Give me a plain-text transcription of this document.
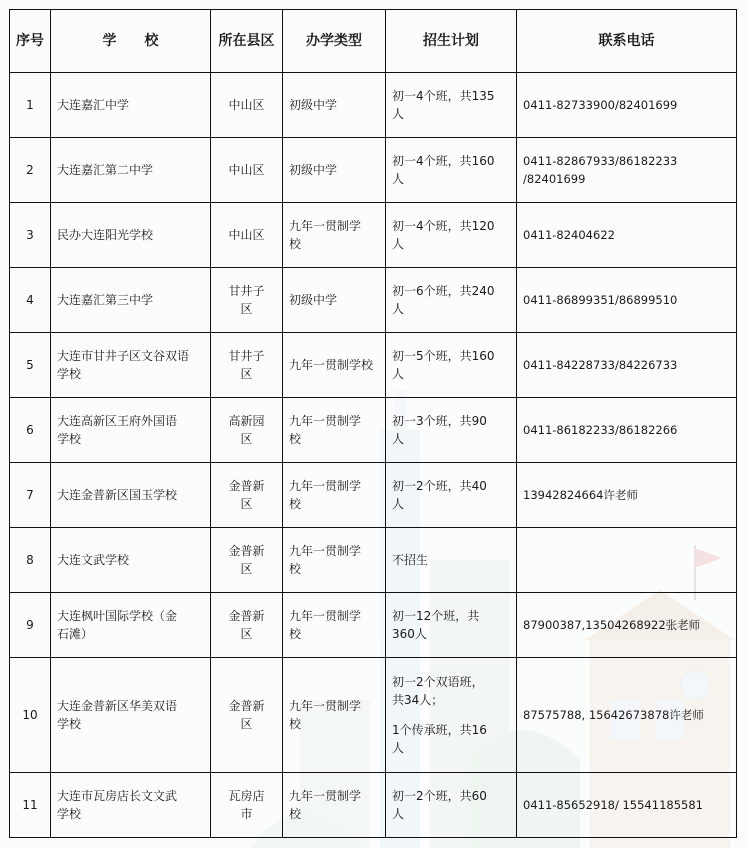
序号	学　　校	所在县区	办学类型	招生计划	联系电话
1	大连嘉汇中学	中山区	初级中学	初一4个班，共135
人	0411-82733900/82401699

2	大连嘉汇第二中学	中山区	初级中学	初一4个班，共160
人	0411-82867933/86182233
/82401699

3	民办大连阳光学校	中山区	九年一贯制学
校	初一4个班，共120
人	0411-82404622

4	大连嘉汇第三中学	甘井子
区	初级中学	初一6个班，共240
人	0411-86899351/86899510

5	大连市甘井子区文谷双语
学校	甘井子
区	九年一贯制学校	初一5个班，共160
人	0411-84228733/84226733

6	大连高新区王府外国语
学校	高新园
区	九年一贯制学
校	初一3个班，共90
人	0411-86182233/86182266

7	大连金普新区国玉学校	金普新
区	九年一贯制学
校	初一2个班，共40
人	13942824664许老师

8	大连文武学校	金普新
区	九年一贯制学
校	不招生	

9	大连枫叶国际学校（金
石滩）	金普新
区	九年一贯制学
校	初一12个班，共
360人	87900387,13504268922张老师

10	大连金普新区华美双语
学校	金普新
区	九年一贯制学
校	初一2个双语班，
共34人；
1个传承班，共16
人	87575788, 15642673878许老师

11	大连市瓦房店长文文武
学校	瓦房店
市	九年一贯制学
校	初一2个班，共60
人	0411-85652918/ 15541185581
